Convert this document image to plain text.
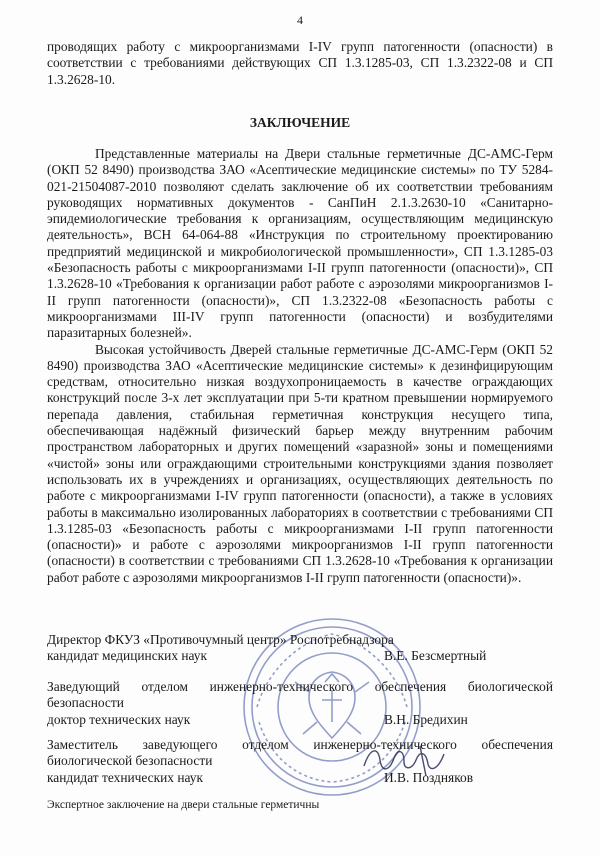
4

проводящих работу с микроорганизмами I-IV групп патогенности (опасности) в соответствии с требованиями действующих СП 1.3.1285-03, СП 1.3.2322-08 и СП 1.3.2628-10.

ЗАКЛЮЧЕНИЕ

Представленные материалы на Двери стальные герметичные ДС-АМС-Герм (ОКП 52 8490) производства ЗАО «Асептические медицинские системы» по ТУ 5284-021-21504087-2010 позволяют сделать заключение об их соответствии требованиям руководящих нормативных документов - СанПиН 2.1.3.2630-10 «Санитарно-эпидемиологические требования к организациям, осуществляющим медицинскую деятельность», ВСН 64-064-88 «Инструкция по строительному проектированию предприятий медицинской и микробиологической промышленности», СП 1.3.1285-03 «Безопасность работы с микроорганизмами I-II групп патогенности (опасности)», СП 1.3.2628-10 «Требования к организации работ работе с аэрозолями микроорганизмов I-II групп патогенности (опасности)», СП 1.3.2322-08 «Безопасность работы с микроорганизмами III-IV групп патогенности (опасности) и возбудителями паразитарных болезней».

Высокая устойчивость Дверей стальные герметичные ДС-АМС-Герм (ОКП 52 8490) производства ЗАО «Асептические медицинские системы» к дезинфицирующим средствам, относительно низкая воздухопроницаемость в качестве ограждающих конструкций после 3-х лет эксплуатации при 5-ти кратном превышении нормируемого перепада давления, стабильная герметичная конструкция несущего типа, обеспечивающая надёжный физический барьер между внутренним рабочим пространством лабораторных и других помещений «заразной» зоны и помещениями «чистой» зоны или ограждающими строительными конструкциями здания позволяет использовать их в учреждениях и организациях, осуществляющих деятельность по работе с микроорганизмами I-IV групп патогенности (опасности), а также в условиях работы в максимально изолированных лабораториях в соответствии с требованиями СП 1.3.1285-03 «Безопасность работы с микроорганизмами I-II групп патогенности (опасности)» и работе с аэрозолями микроорганизмов I-II групп патогенности (опасности) в соответствии с требованиями СП 1.3.2628-10 «Требования к организации работ работе с аэрозолями микроорганизмов I-II групп патогенности (опасности)».

Директор ФКУЗ «Противочумный центр» Роспотребнадзора
кандидат медицинских наук	В.Е. Безсмертный
Заведующий отделом инженерно-технического обеспечения биологической безопасности
доктор технических наук	В.Н. Бредихин
Заместитель заведующего отделом инженерно-технического обеспечения биологической безопасности
кандидат технических наук	И.В. Поздняков
Экспертное заключение на двери стальные герметичны
